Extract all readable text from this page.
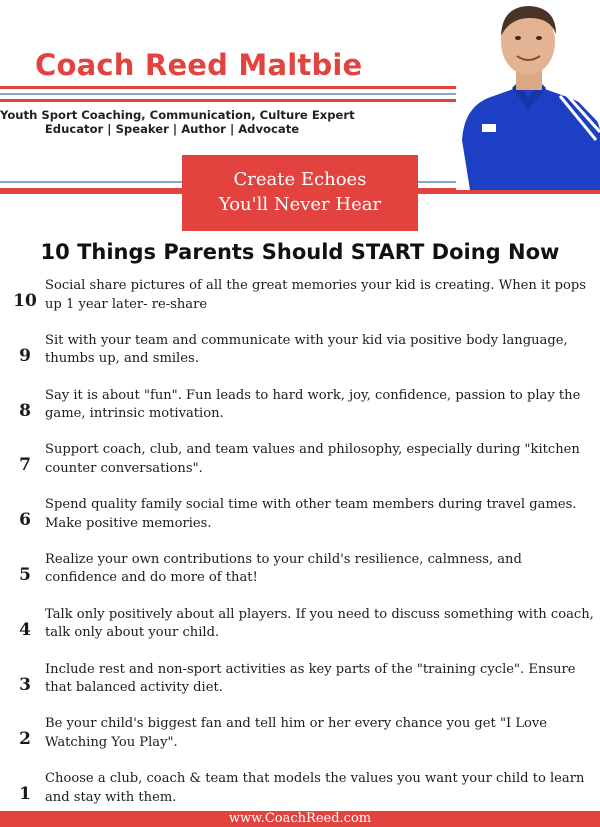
Coach Reed Maltbie
Youth Sport Coaching, Communication, Culture Expert
Educator | Speaker | Author | Advocate
Create Echoes
You'll Never Hear
10 Things Parents Should START Doing Now
10
Social share pictures of all the great memories your kid is creating. When it pops up 1 year later- re-share
9
Sit with your team and communicate with your kid via positive body language, thumbs up, and smiles.
8
Say it is about "fun". Fun leads to hard work, joy, confidence, passion to play the game, intrinsic motivation.
7
Support coach, club, and team values and philosophy, especially during "kitchen counter conversations".
6
Spend quality family social time with other team members during travel games. Make positive memories.
5
Realize your own contributions to your child's resilience, calmness, and confidence and do more of that!
4
Talk only positively about all players. If you need to discuss something with coach, talk only about your child.
3
Include rest and non-sport activities as key parts of the "training cycle". Ensure that balanced activity diet.
2
Be your child's biggest fan and tell him or her every chance you get "I Love Watching You Play".
1
Choose a club, coach & team that models the values you want your child to learn and stay with them.
www.CoachReed.com
